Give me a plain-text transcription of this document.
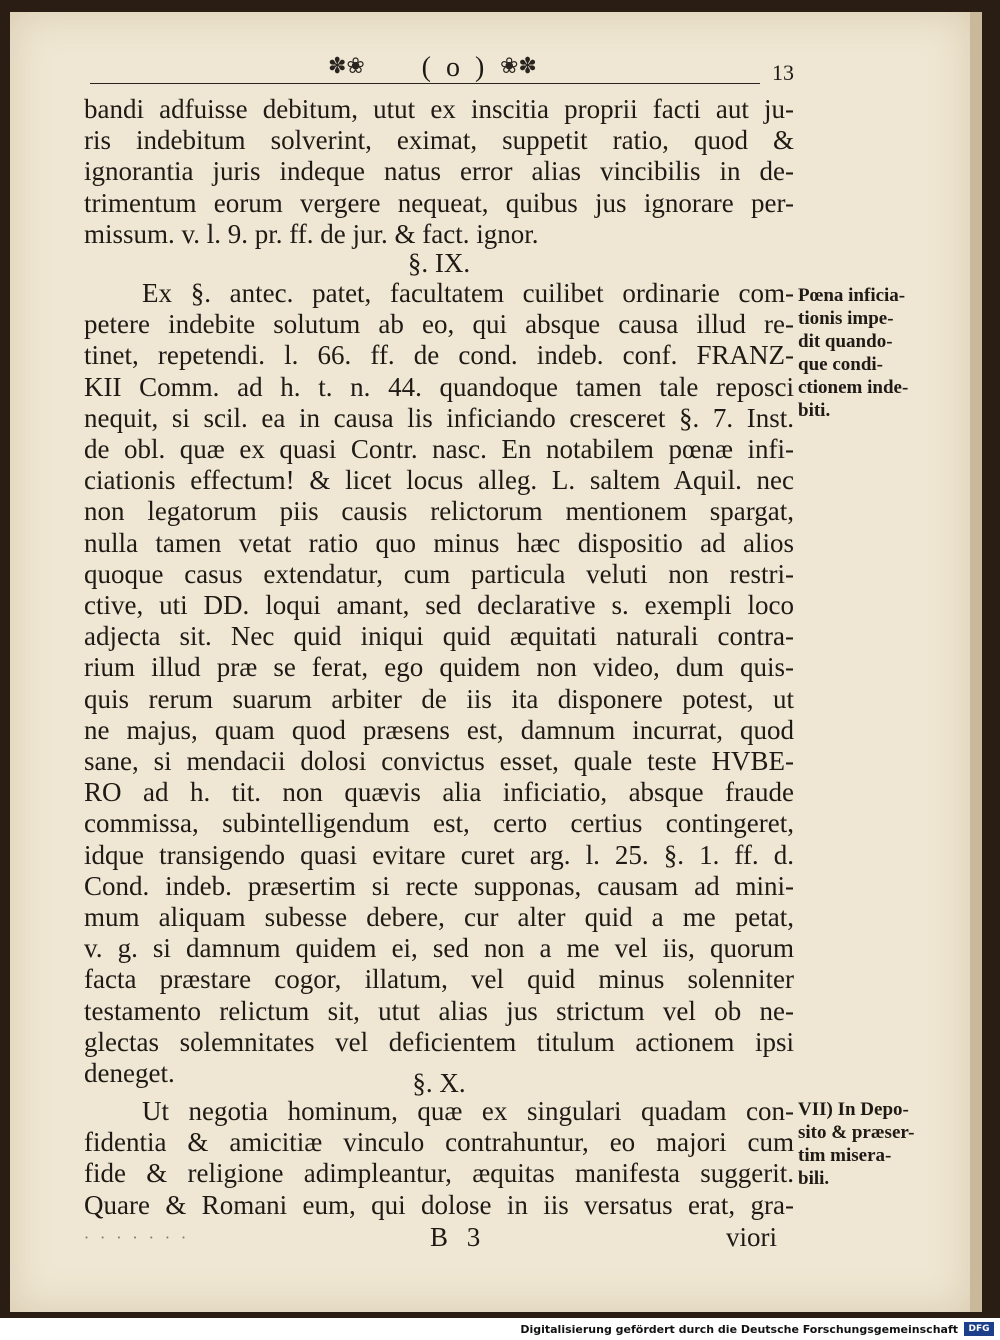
✽❀	( o ) ❀✽	13
bandi adfuisse debitum, utut ex inscitia proprii facti aut ju-
ris indebitum solverint, eximat, suppetit ratio, quod &
ignorantia juris indeque natus error alias vincibilis in de-
trimentum eorum vergere nequeat, quibus jus ignorare per-
missum. v. l. 9. pr. ff. de jur. & fact. ignor.
§. IX.
Ex §. antec. patet, facultatem cuilibet ordinarie com-
petere indebite solutum ab eo, qui absque causa illud re-
tinet, repetendi. l. 66. ff. de cond. indeb. conf. FRANZ-
KII Comm. ad h. t. n. 44. quandoque tamen tale reposci
nequit, si scil. ea in causa lis inficiando cresceret §. 7. Inst.
de obl. quæ ex quasi Contr. nasc. En notabilem pœnæ infi-
ciationis effectum! & licet locus alleg. L. saltem Aquil. nec
non legatorum piis causis relictorum mentionem spargat,
nulla tamen vetat ratio quo minus hæc dispositio ad alios
quoque casus extendatur, cum particula veluti non restri-
ctive, uti DD. loqui amant, sed declarative s. exempli loco
adjecta sit. Nec quid iniqui quid æquitati naturali contra-
rium illud præ se ferat, ego quidem non video, dum quis-
quis rerum suarum arbiter de iis ita disponere potest, ut
ne majus, quam quod præsens est, damnum incurrat, quod
sane, si mendacii dolosi convictus esset, quale teste HVBE-
RO ad h. tit. non quævis alia inficiatio, absque fraude
commissa, subintelligendum est, certo certius contingeret,
idque transigendo quasi evitare curet arg. l. 25. §. 1. ff. d.
Cond. indeb. præsertim si recte supponas, causam ad mini-
mum aliquam subesse debere, cur alter quid a me petat,
v. g. si damnum quidem ei, sed non a me vel iis, quorum
facta præstare cogor, illatum, vel quid minus solenniter
testamento relictum sit, utut alias jus strictum vel ob ne-
glectas solemnitates vel deficientem titulum actionem ipsi
deneget.	§. X.
Ut negotia hominum, quæ ex singulari quadam con-
fidentia & amicitiæ vinculo contrahuntur, eo majori cum
fide & religione adimpleantur, æquitas manifesta suggerit.
Quare & Romani eum, qui dolose in iis versatus erat, gra-
Pœna inficia-
tionis impe-
dit quando-
que condi-
ctionem inde-
biti.
VII) In Depo-
sito & præser-
tim misera-
bili.
· · · · · · ·	B 3	viori
Digitalisierung gefördert durch die Deutsche Forschungsgemeinschaft	DFG
